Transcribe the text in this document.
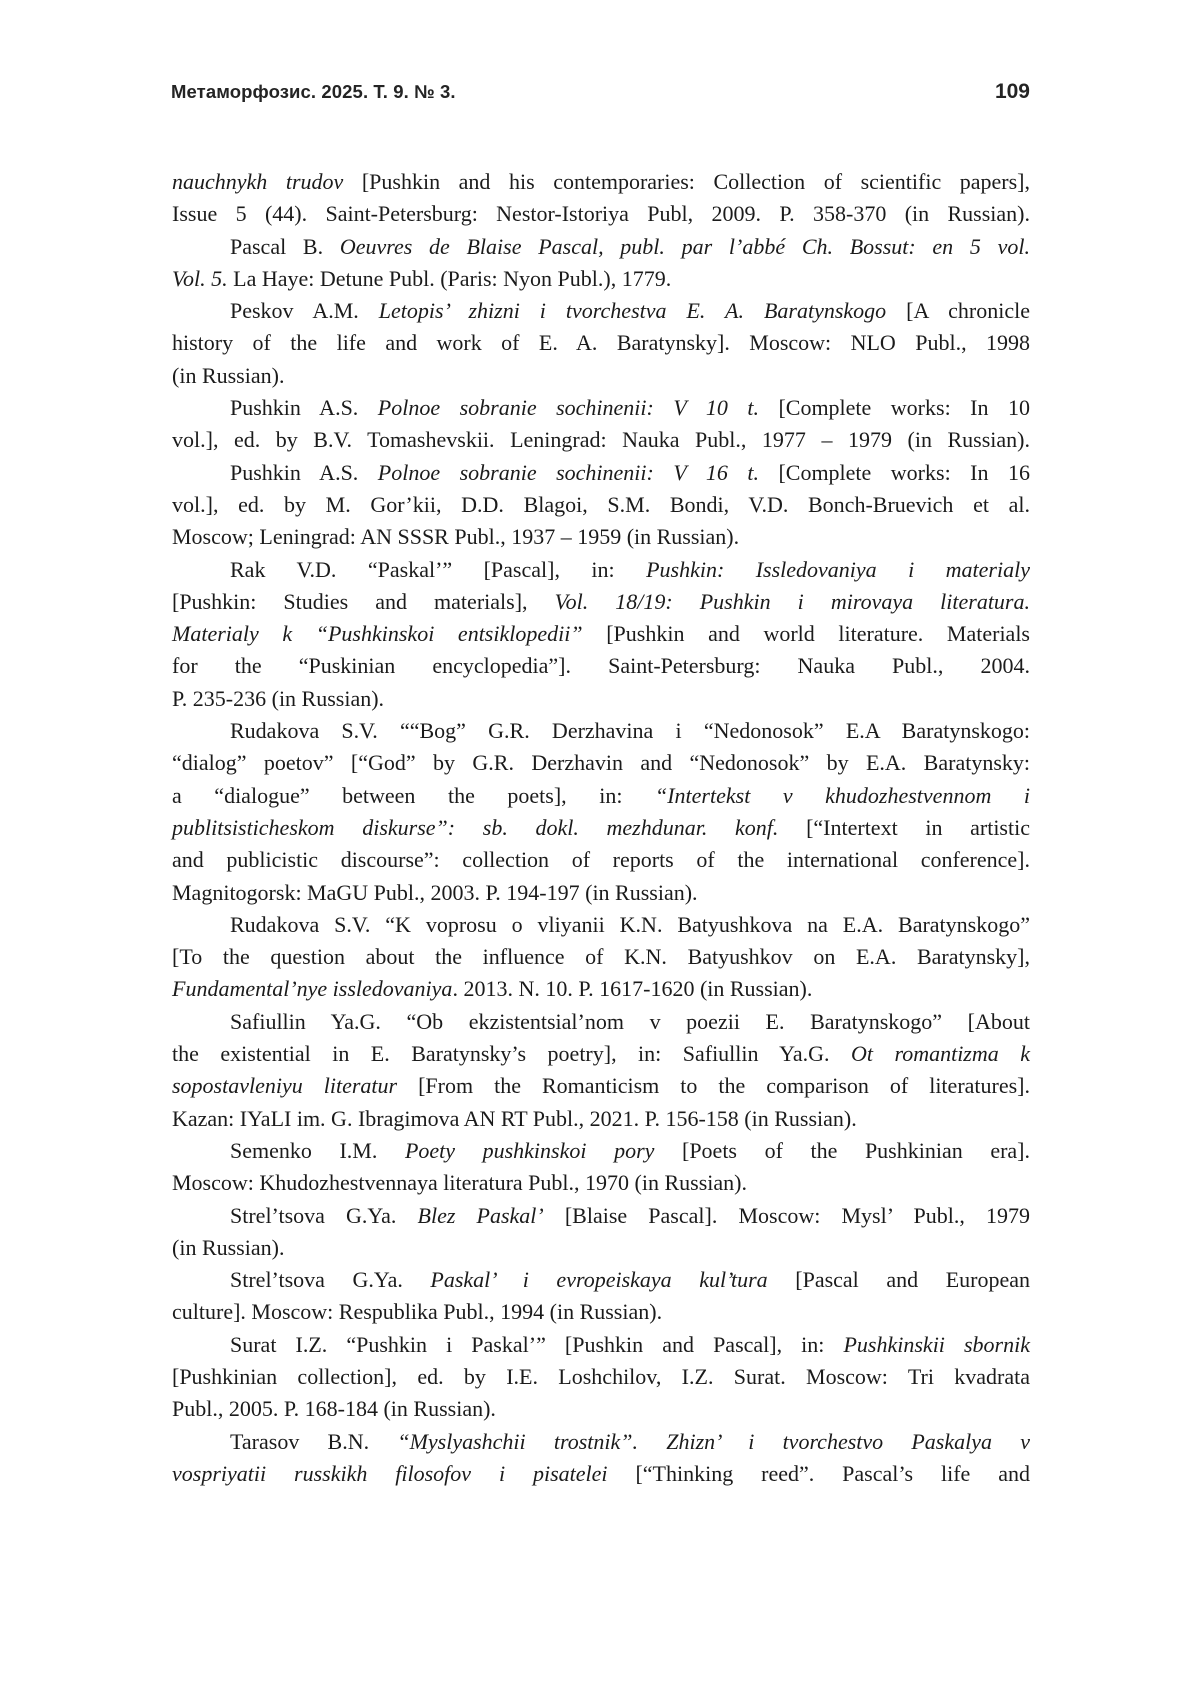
Метаморфозис. 2025. Т. 9. № 3.	109
nauchnykh trudov [Pushkin and his contemporaries: Collection of scientific papers],
Issue 5 (44). Saint-Petersburg: Nestor-Istoriya Publ, 2009. P. 358-370 (in Russian).
Pascal B. Oeuvres de Blaise Pascal, publ. par l’abbé Ch. Bossut: en 5 vol.
Vol. 5. La Haye: Detune Publ. (Paris: Nyon Publ.), 1779.
Peskov A.M. Letopis’ zhizni i tvorchestva E. A. Baratynskogo [A chronicle
history of the life and work of E. A. Baratynsky]. Moscow: NLO Publ., 1998
(in Russian).
Pushkin A.S. Polnoe sobranie sochinenii: V 10 t. [Complete works: In 10
vol.], ed. by B.V. Tomashevskii. Leningrad: Nauka Publ., 1977 – 1979 (in Russian).
Pushkin A.S. Polnoe sobranie sochinenii: V 16 t. [Complete works: In 16
vol.], ed. by M. Gor’kii, D.D. Blagoi, S.M. Bondi, V.D. Bonch-Bruevich et al.
Moscow; Leningrad: AN SSSR Publ., 1937 – 1959 (in Russian).
Rak V.D. “Paskal’” [Pascal], in: Pushkin: Issledovaniya i materialy
[Pushkin: Studies and materials], Vol. 18/19: Pushkin i mirovaya literatura.
Materialy k “Pushkinskoi entsiklopedii” [Pushkin and world literature. Materials
for the “Puskinian encyclopedia”]. Saint-Petersburg: Nauka Publ., 2004.
P. 235-236 (in Russian).
Rudakova S.V. ““Bog” G.R. Derzhavina i “Nedonosok” E.A Baratynskogo:
“dialog” poetov” [“God” by G.R. Derzhavin and “Nedonosok” by E.A. Baratynsky:
a “dialogue” between the poets], in: “Intertekst v khudozhestvennom i
publitsisticheskom diskurse”: sb. dokl. mezhdunar. konf. [“Intertext in artistic
and publicistic discourse”: collection of reports of the international conference].
Magnitogorsk: MaGU Publ., 2003. P. 194-197 (in Russian).
Rudakova S.V. “K voprosu o vliyanii K.N. Batyushkova na E.A. Baratynskogo”
[To the question about the influence of K.N. Batyushkov on E.A. Baratynsky],
Fundamental’nye issledovaniya. 2013. N. 10. P. 1617-1620 (in Russian).
Safiullin Ya.G. “Ob ekzistentsial’nom v poezii E. Baratynskogo” [About
the existential in E. Baratynsky’s poetry], in: Safiullin Ya.G. Ot romantizma k
sopostavleniyu literatur [From the Romanticism to the comparison of literatures].
Kazan: IYaLI im. G. Ibragimova AN RT Publ., 2021. P. 156-158 (in Russian).
Semenko I.M. Poety pushkinskoi pory [Poets of the Pushkinian era].
Moscow: Khudozhestvennaya literatura Publ., 1970 (in Russian).
Strel’tsova G.Ya. Blez Paskal’ [Blaise Pascal]. Moscow: Mysl’ Publ., 1979
(in Russian).
Strel’tsova G.Ya. Paskal’ i evropeiskaya kul’tura [Pascal and European
culture]. Moscow: Respublika Publ., 1994 (in Russian).
Surat I.Z. “Pushkin i Paskal’” [Pushkin and Pascal], in: Pushkinskii sbornik
[Pushkinian collection], ed. by I.E. Loshchilov, I.Z. Surat. Moscow: Tri kvadrata
Publ., 2005. P. 168-184 (in Russian).
Tarasov B.N. “Myslyashchii trostnik”. Zhizn’ i tvorchestvo Paskalya v
vospriyatii russkikh filosofov i pisatelei [“Thinking reed”. Pascal’s life and
